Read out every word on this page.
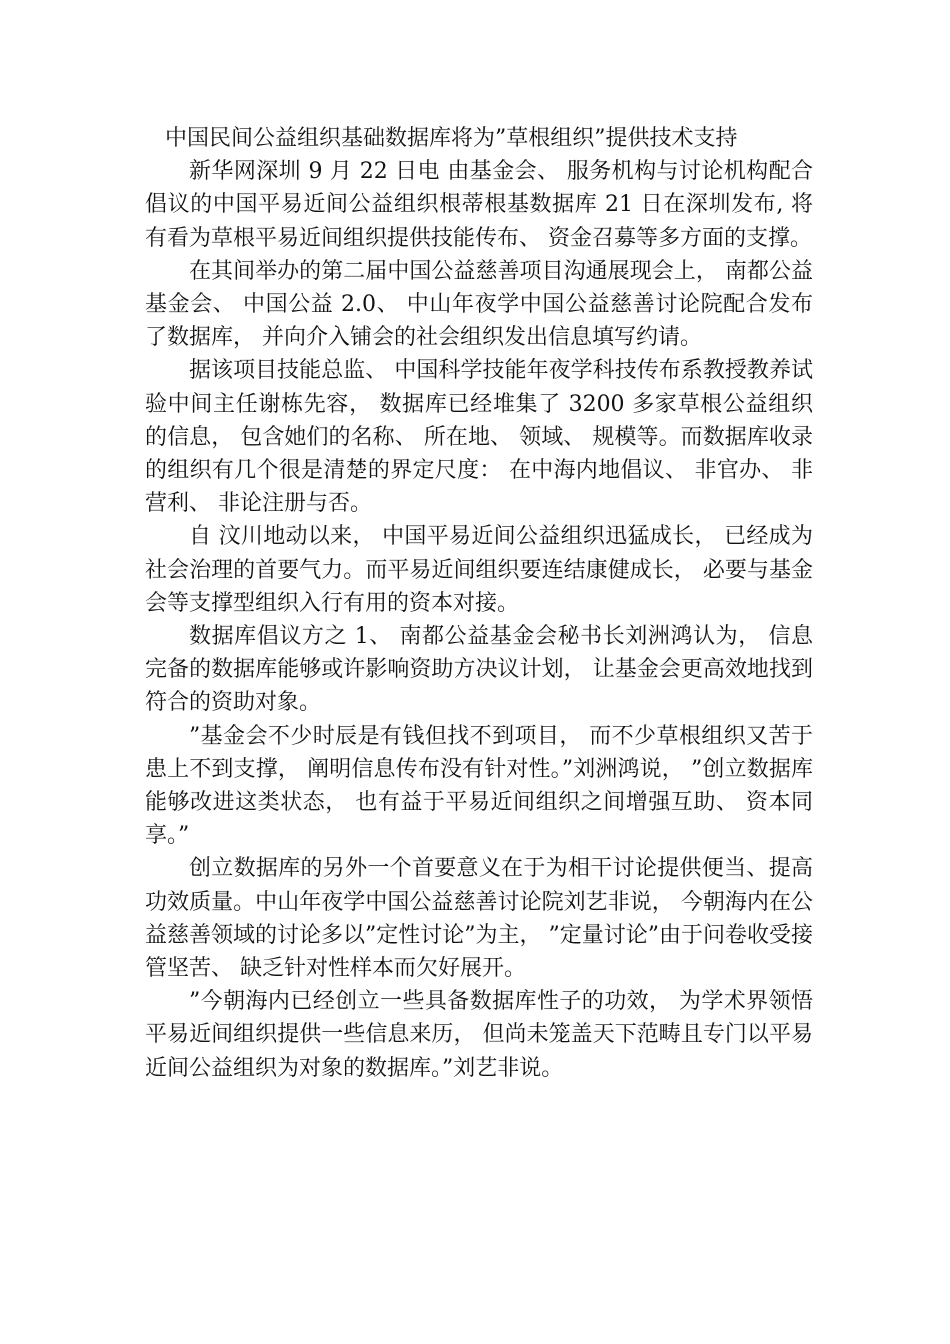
中国民间公益组织基础数据库将为”草根组织”提供技术支持

新华网深圳 9 月 22 日电 由基金会、 服务机构与讨论机构配合倡议的中国平易近间公益组织根蒂根基数据库 21 日在深圳发布, 将有看为草根平易近间组织提供技能传布、 资金召募等多方面的支撑。

在其间举办的第二届中国公益慈善项目沟通展现会上， 南都公益基金会、 中国公益 2.0、 中山年夜学中国公益慈善讨论院配合发布了数据库， 并向介入铺会的社会组织发出信息填写约请。

据该项目技能总监、 中国科学技能年夜学科技传布系教授教养试验中间主任谢栋先容， 数据库已经堆集了 3200 多家草根公益组织的信息， 包含她们的名称、 所在地、 领域、 规模等。而数据库收录的组织有几个很是清楚的界定尺度： 在中海内地倡议、 非官办、 非营利、 非论注册与否。

自 汶川地动以来， 中国平易近间公益组织迅猛成长， 已经成为社会治理的首要气力。而平易近间组织要连结康健成长， 必要与基金会等支撑型组织入行有用的资本对接。

数据库倡议方之 1、 南都公益基金会秘书长刘洲鸿认为， 信息完备的数据库能够或许影响资助方决议计划， 让基金会更高效地找到符合的资助对象。

”基金会不少时辰是有钱但找不到项目， 而不少草根组织又苦于患上不到支撑， 阐明信息传布没有针对性。”刘洲鸿说， ”创立数据库能够改进这类状态， 也有益于平易近间组织之间增强互助、 资本同享。”

创立数据库的另外一个首要意义在于为相干讨论提供便当、提高功效质量。中山年夜学中国公益慈善讨论院刘艺非说， 今朝海内在公益慈善领域的讨论多以”定性讨论”为主， ”定量讨论”由于问卷收受接管坚苦、 缺乏针对性样本而欠好展开。

”今朝海内已经创立一些具备数据库性子的功效， 为学术界领悟平易近间组织提供一些信息来历， 但尚未笼盖天下范畴且专门以平易近间公益组织为对象的数据库。”刘艺非说。
